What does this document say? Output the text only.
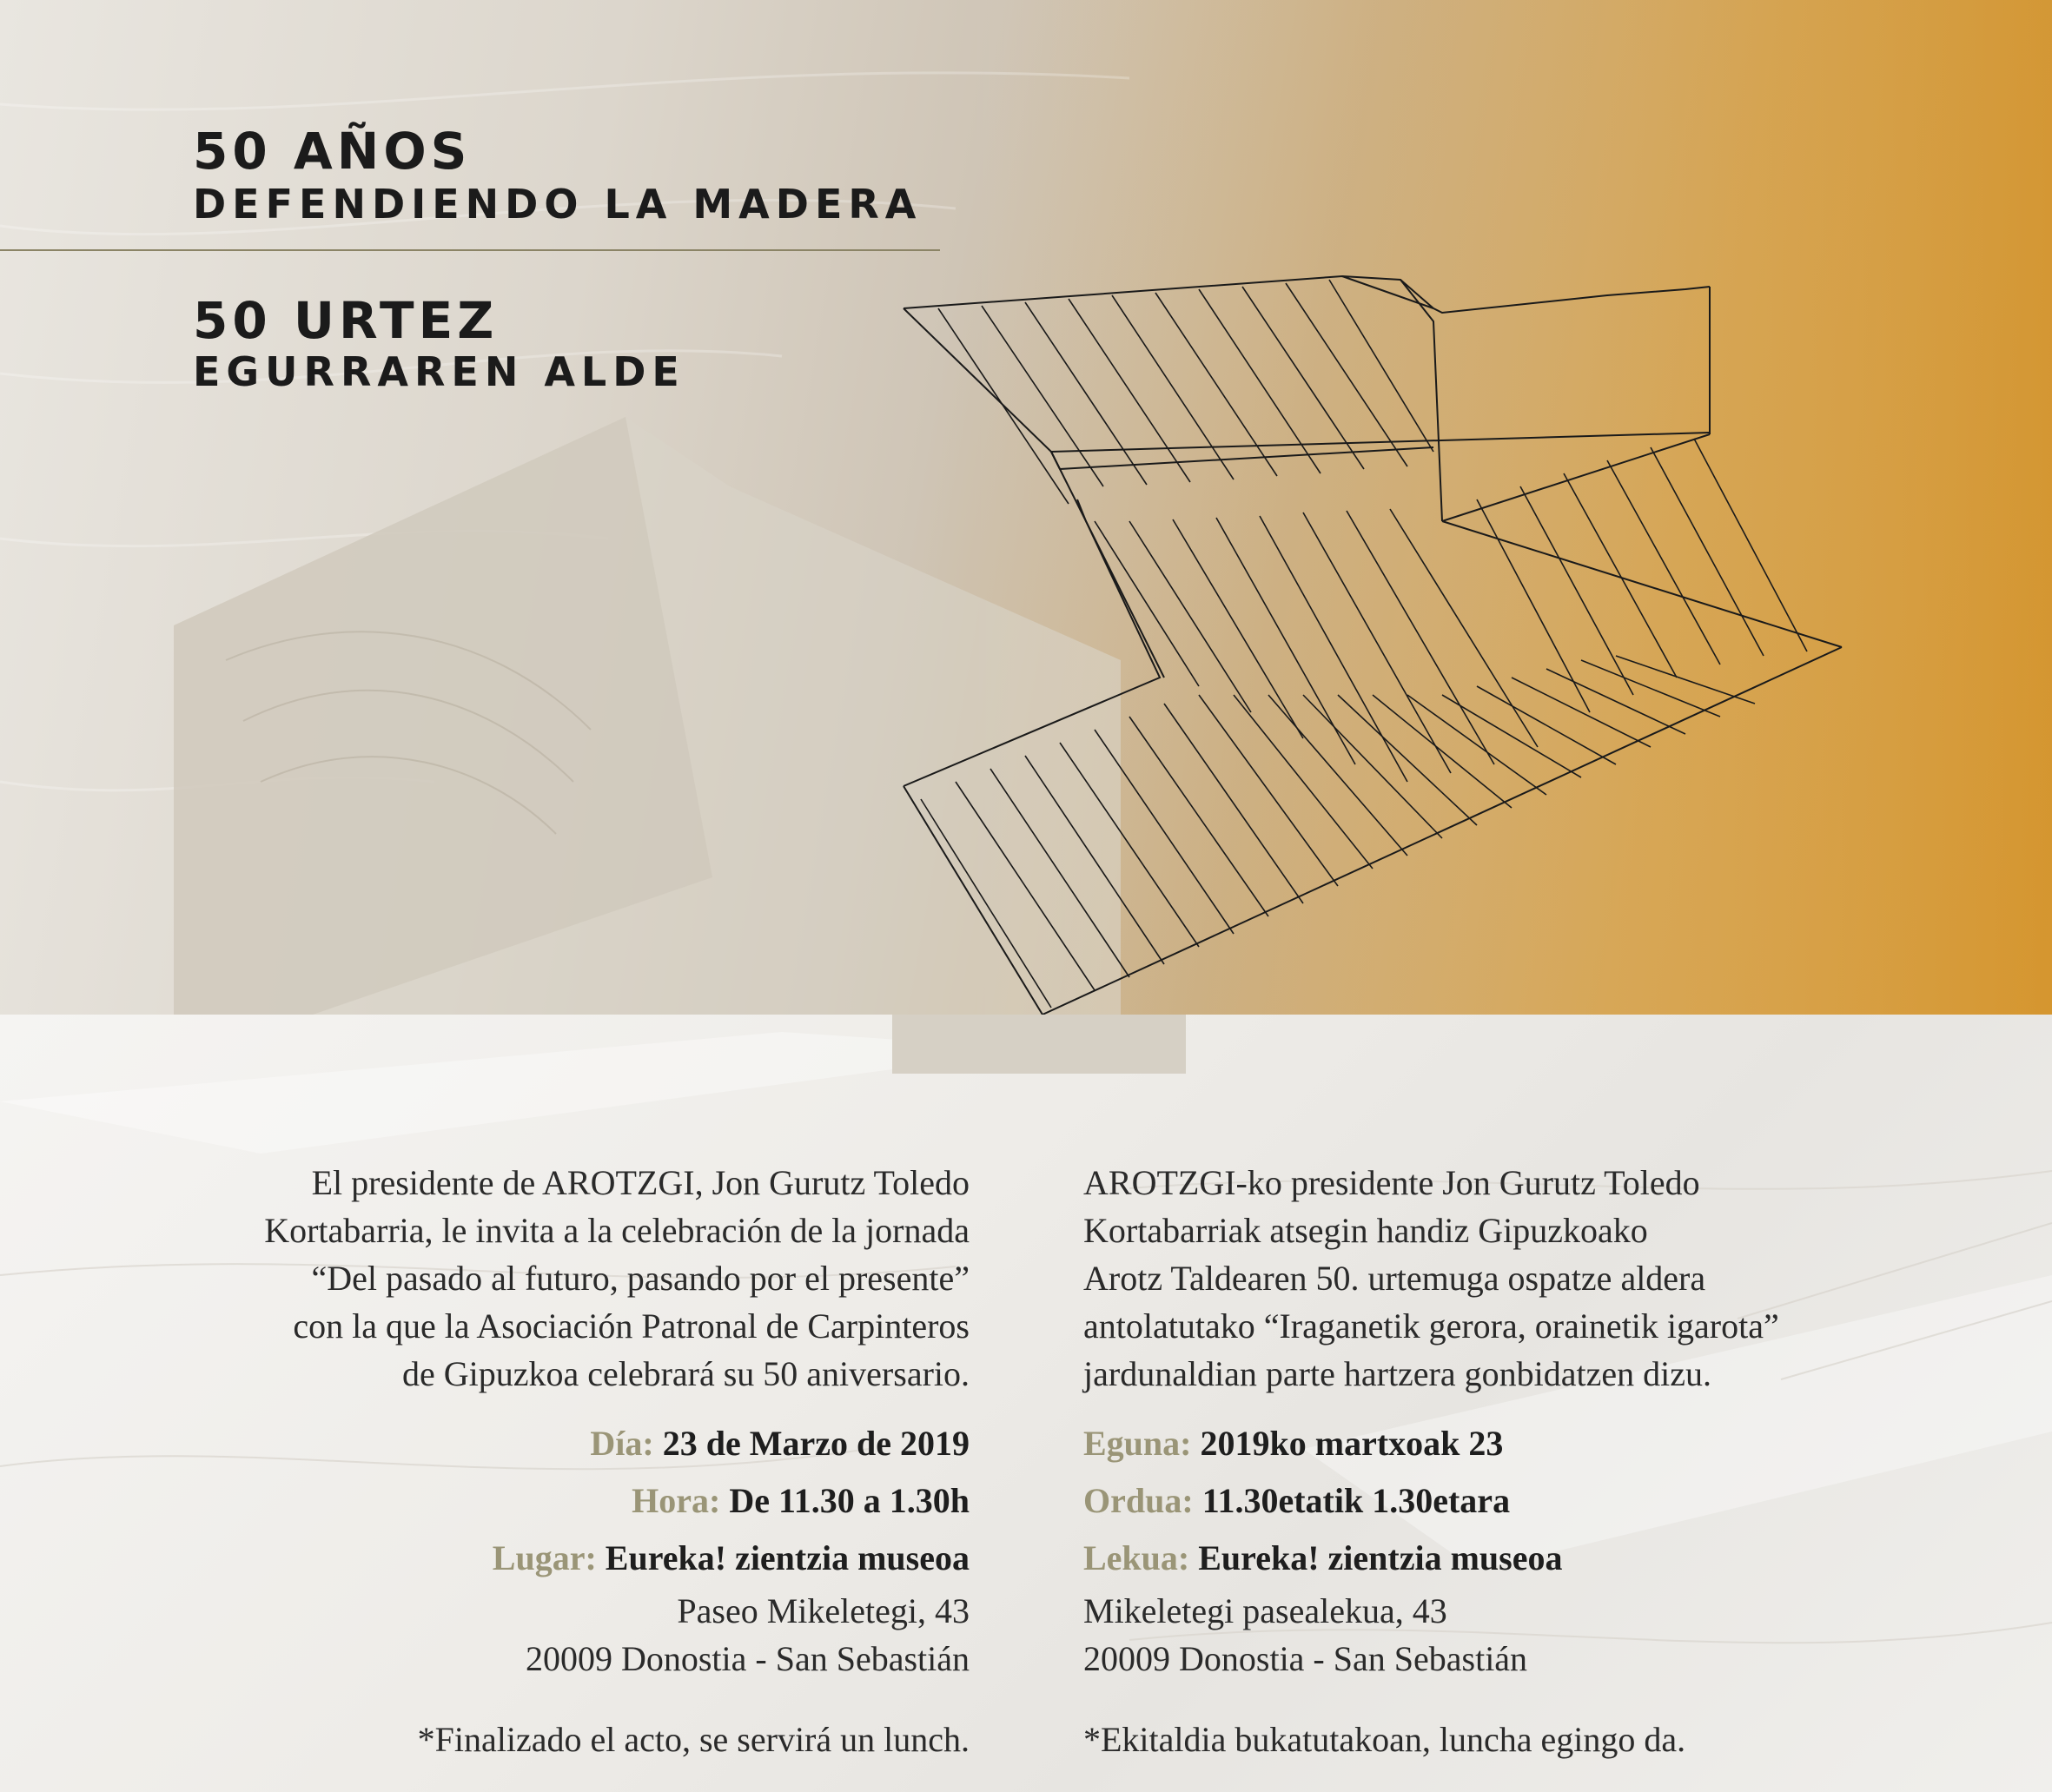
50 AÑOS
DEFENDIENDO LA MADERA
50 URTEZ
EGURRAREN ALDE

El presidente de AROTZGI, Jon Gurutz Toledo
Kortabarria, le invita a la celebración de la jornada
“Del pasado al futuro, pasando por el presente”
con la que la Asociación Patronal de Carpinteros
de Gipuzkoa celebrará su 50 aniversario.

Día: 23 de Marzo de 2019

Hora: De 11.30 a 1.30h

Lugar: Eureka! zientzia museoa

Paseo Mikeletegi, 43

20009 Donostia - San Sebastián

*Finalizado el acto, se servirá un lunch.

AROTZGI-ko presidente Jon Gurutz Toledo
Kortabarriak atsegin handiz Gipuzkoako
Arotz Taldearen 50. urtemuga ospatze aldera
antolatutako “Iraganetik gerora, orainetik igarota”
jardunaldian parte hartzera gonbidatzen dizu.

Eguna: 2019ko martxoak 23

Ordua: 11.30etatik 1.30etara

Lekua: Eureka! zientzia museoa

Mikeletegi pasealekua, 43

20009 Donostia - San Sebastián

*Ekitaldia bukatutakoan, luncha egingo da.
